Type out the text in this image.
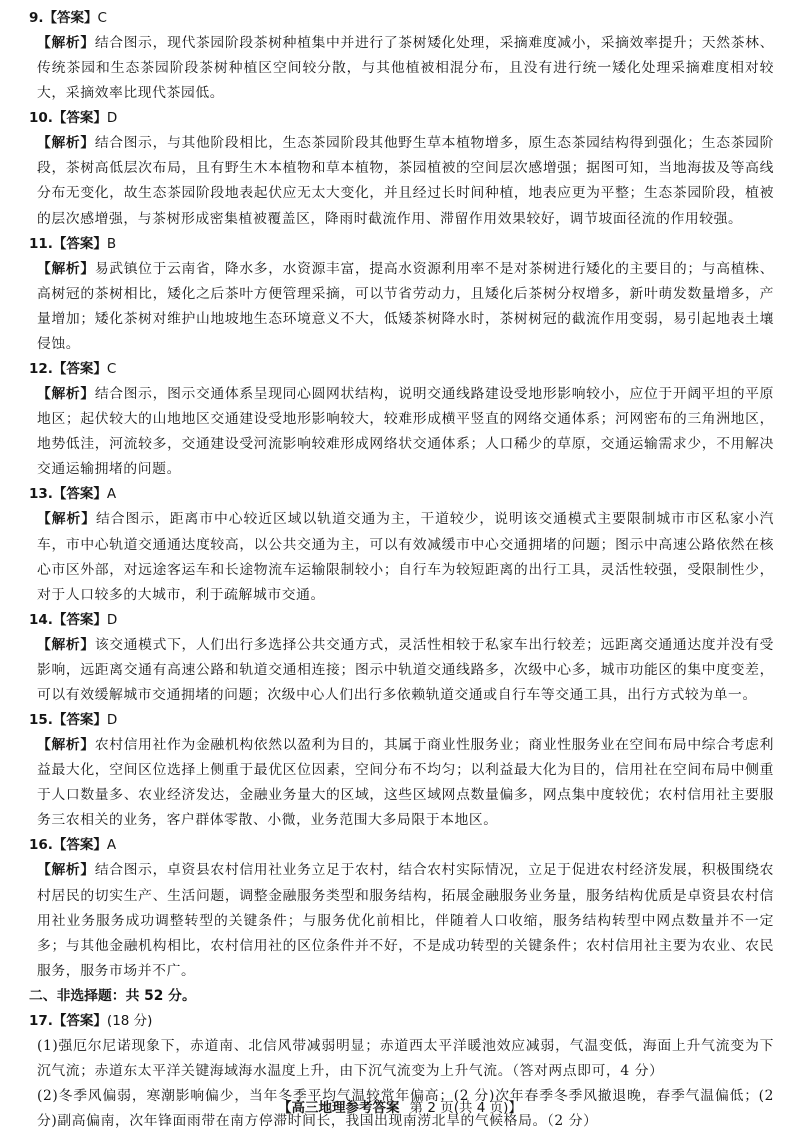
9.【答案】C

【解析】结合图示，现代茶园阶段茶树种植集中并进行了茶树矮化处理，采摘难度减小，采摘效率提升；天然茶林、传统茶园和生态茶园阶段茶树种植区空间较分散，与其他植被相混分布，且没有进行统一矮化处理采摘难度相对较大，采摘效率比现代茶园低。

10.【答案】D

【解析】结合图示，与其他阶段相比，生态茶园阶段其他野生草本植物增多，原生态茶园结构得到强化；生态茶园阶段，茶树高低层次布局，且有野生木本植物和草本植物，茶园植被的空间层次感增强；据图可知，当地海拔及等高线分布无变化，故生态茶园阶段地表起伏应无太大变化，并且经过长时间种植，地表应更为平整；生态茶园阶段，植被的层次感增强，与茶树形成密集植被覆盖区，降雨时截流作用、滞留作用效果较好，调节坡面径流的作用较强。

11.【答案】B

【解析】易武镇位于云南省，降水多，水资源丰富，提高水资源利用率不是对茶树进行矮化的主要目的；与高植株、高树冠的茶树相比，矮化之后茶叶方便管理采摘，可以节省劳动力，且矮化后茶树分杈增多，新叶萌发数量增多，产量增加；矮化茶树对维护山地坡地生态环境意义不大，低矮茶树降水时，茶树树冠的截流作用变弱，易引起地表土壤侵蚀。

12.【答案】C

【解析】结合图示，图示交通体系呈现同心圆网状结构，说明交通线路建设受地形影响较小，应位于开阔平坦的平原地区；起伏较大的山地地区交通建设受地形影响较大，较难形成横平竖直的网络交通体系；河网密布的三角洲地区，地势低洼，河流较多，交通建设受河流影响较难形成网络状交通体系；人口稀少的草原，交通运输需求少，不用解决交通运输拥堵的问题。

13.【答案】A

【解析】结合图示，距离市中心较近区域以轨道交通为主，干道较少，说明该交通模式主要限制城市市区私家小汽车，市中心轨道交通通达度较高，以公共交通为主，可以有效减缓市中心交通拥堵的问题；图示中高速公路依然在核心市区外部，对远途客运车和长途物流车运输限制较小；自行车为较短距离的出行工具，灵活性较强，受限制性少，对于人口较多的大城市，利于疏解城市交通。

14.【答案】D

【解析】该交通模式下，人们出行多选择公共交通方式，灵活性相较于私家车出行较差；远距离交通通达度并没有受影响，远距离交通有高速公路和轨道交通相连接；图示中轨道交通线路多，次级中心多，城市功能区的集中度变差，可以有效缓解城市交通拥堵的问题；次级中心人们出行多依赖轨道交通或自行车等交通工具，出行方式较为单一。

15.【答案】D

【解析】农村信用社作为金融机构依然以盈利为目的，其属于商业性服务业；商业性服务业在空间布局中综合考虑利益最大化，空间区位选择上侧重于最优区位因素，空间分布不均匀；以利益最大化为目的，信用社在空间布局中侧重于人口数量多、农业经济发达，金融业务量大的区域，这些区域网点数量偏多，网点集中度较优；农村信用社主要服务三农相关的业务，客户群体零散、小微，业务范围大多局限于本地区。

16.【答案】A

【解析】结合图示，卓资县农村信用社业务立足于农村，结合农村实际情况，立足于促进农村经济发展，积极围绕农村居民的切实生产、生活问题，调整金融服务类型和服务结构，拓展金融服务业务量，服务结构优质是卓资县农村信用社业务服务成功调整转型的关键条件；与服务优化前相比，伴随着人口收缩，服务结构转型中网点数量并不一定多；与其他金融机构相比，农村信用社的区位条件并不好，不是成功转型的关键条件；农村信用社主要为农业、农民服务，服务市场并不广。

二、非选择题：共 52 分。

17.【答案】(18 分)

(1)强厄尔尼诺现象下，赤道南、北信风带减弱明显；赤道西太平洋暖池效应减弱，气温变低，海面上升气流变为下沉气流；赤道东太平洋关键海域海水温度上升，由下沉气流变为上升气流。（答对两点即可，4 分）

(2)冬季风偏弱，寒潮影响偏少，当年冬季平均气温较常年偏高；(2 分)次年春季冬季风撤退晚，春季气温偏低；(2 分)副高偏南，次年锋面雨带在南方停滞时间长，我国出现南涝北旱的气候格局。（2 分）

【高三地理参考答案 第 2 页(共 4 页)】
